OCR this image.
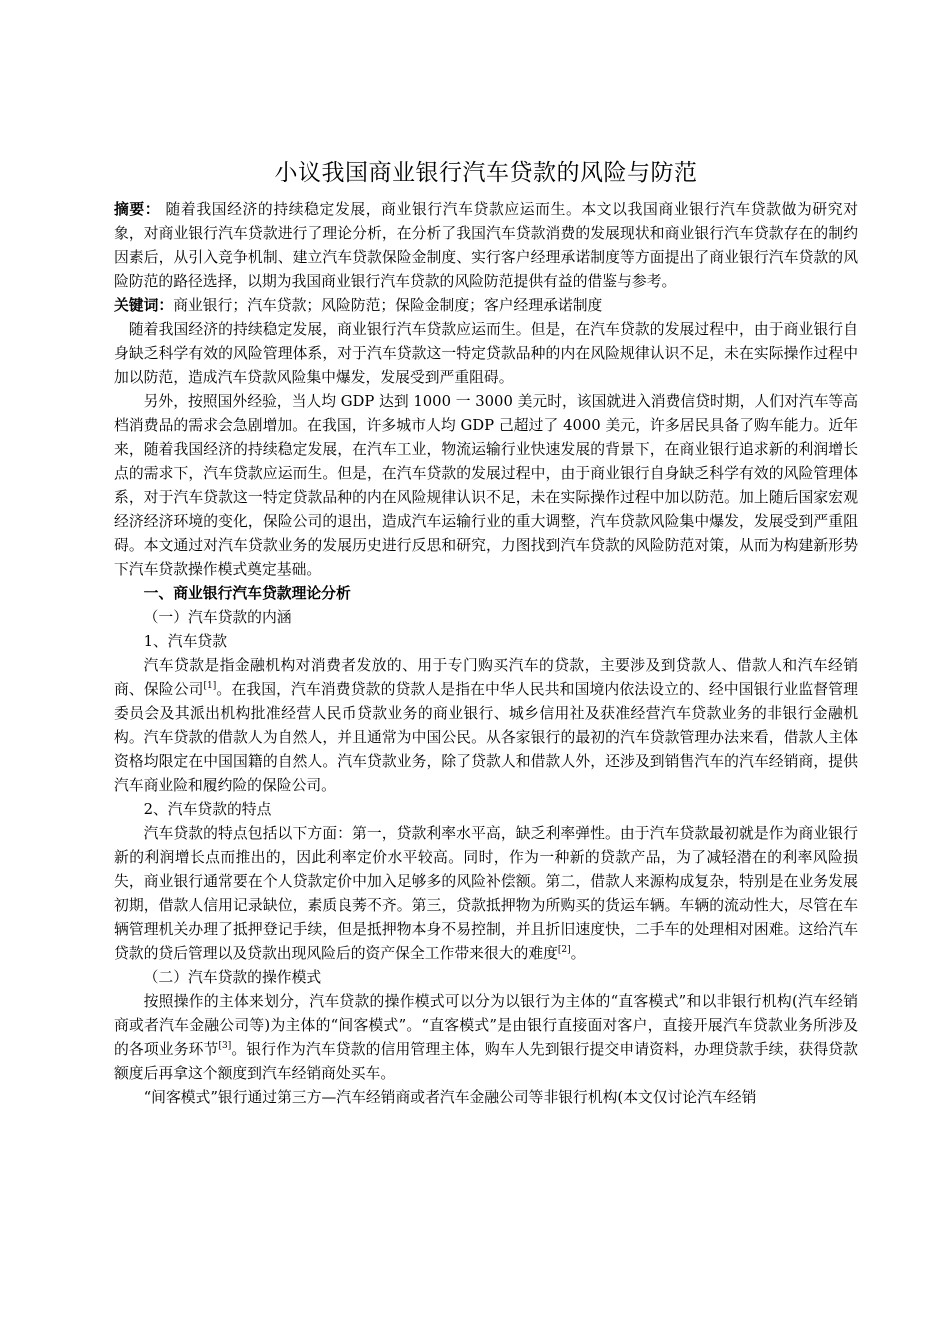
小议我国商业银行汽车贷款的风险与防范

摘要： 随着我国经济的持续稳定发展，商业银行汽车贷款应运而生。本文以我国商业银行汽车贷款做为研究对象，对商业银行汽车贷款进行了理论分析，在分析了我国汽车贷款消费的发展现状和商业银行汽车贷款存在的制约因素后，从引入竞争机制、建立汽车贷款保险金制度、实行客户经理承诺制度等方面提出了商业银行汽车贷款的风险防范的路径选择，以期为我国商业银行汽车贷款的风险防范提供有益的借鉴与参考。

关键词：商业银行；汽车贷款；风险防范；保险金制度；客户经理承诺制度

随着我国经济的持续稳定发展，商业银行汽车贷款应运而生。但是，在汽车贷款的发展过程中，由于商业银行自身缺乏科学有效的风险管理体系，对于汽车贷款这一特定贷款品种的内在风险规律认识不足，未在实际操作过程中加以防范，造成汽车贷款风险集中爆发，发展受到严重阻碍。

另外，按照国外经验，当人均 GDP 达到 1000 一 3000 美元时，该国就进入消费信贷时期，人们对汽车等高档消费品的需求会急剧增加。在我国，许多城市人均 GDP 己超过了 4000 美元，许多居民具备了购车能力。近年来，随着我国经济的持续稳定发展，在汽车工业，物流运输行业快速发展的背景下，在商业银行追求新的利润增长点的需求下，汽车贷款应运而生。但是，在汽车贷款的发展过程中，由于商业银行自身缺乏科学有效的风险管理体系，对于汽车贷款这一特定贷款品种的内在风险规律认识不足，未在实际操作过程中加以防范。加上随后国家宏观经济经济环境的变化，保险公司的退出，造成汽车运输行业的重大调整，汽车贷款风险集中爆发，发展受到严重阻碍。本文通过对汽车贷款业务的发展历史进行反思和研究，力图找到汽车贷款的风险防范对策，从而为构建新形势下汽车贷款操作模式奠定基础。

一、商业银行汽车贷款理论分析

（一）汽车贷款的内涵

1、汽车贷款

汽车贷款是指金融机构对消费者发放的、用于专门购买汽车的贷款，主要涉及到贷款人、借款人和汽车经销商、保险公司[1]。在我国，汽车消费贷款的贷款人是指在中华人民共和国境内依法设立的、经中国银行业监督管理委员会及其派出机构批准经营人民币贷款业务的商业银行、城乡信用社及获准经营汽车贷款业务的非银行金融机构。汽车贷款的借款人为自然人，并且通常为中国公民。从各家银行的最初的汽车贷款管理办法来看，借款人主体资格均限定在中国国籍的自然人。汽车贷款业务，除了贷款人和借款人外，还涉及到销售汽车的汽车经销商，提供汽车商业险和履约险的保险公司。

2、汽车贷款的特点

汽车贷款的特点包括以下方面：第一，贷款利率水平高，缺乏利率弹性。由于汽车贷款最初就是作为商业银行新的利润增长点而推出的，因此利率定价水平较高。同时，作为一种新的贷款产品，为了减轻潜在的利率风险损失，商业银行通常要在个人贷款定价中加入足够多的风险补偿额。第二，借款人来源构成复杂，特别是在业务发展初期，借款人信用记录缺位，素质良莠不齐。第三，贷款抵押物为所购买的货运车辆。车辆的流动性大，尽管在车辆管理机关办理了抵押登记手续，但是抵押物本身不易控制，并且折旧速度快，二手车的处理相对困难。这给汽车贷款的贷后管理以及贷款出现风险后的资产保全工作带来很大的难度[2]。

（二）汽车贷款的操作模式

按照操作的主体来划分，汽车贷款的操作模式可以分为以银行为主体的“直客模式”和以非银行机构(汽车经销商或者汽车金融公司等)为主体的“间客模式”。“直客模式”是由银行直接面对客户，直接开展汽车贷款业务所涉及的各项业务环节[3]。银行作为汽车贷款的信用管理主体，购车人先到银行提交申请资料，办理贷款手续，获得贷款额度后再拿这个额度到汽车经销商处买车。

“间客模式”银行通过第三方—汽车经销商或者汽车金融公司等非银行机构(本文仅讨论汽车经销
